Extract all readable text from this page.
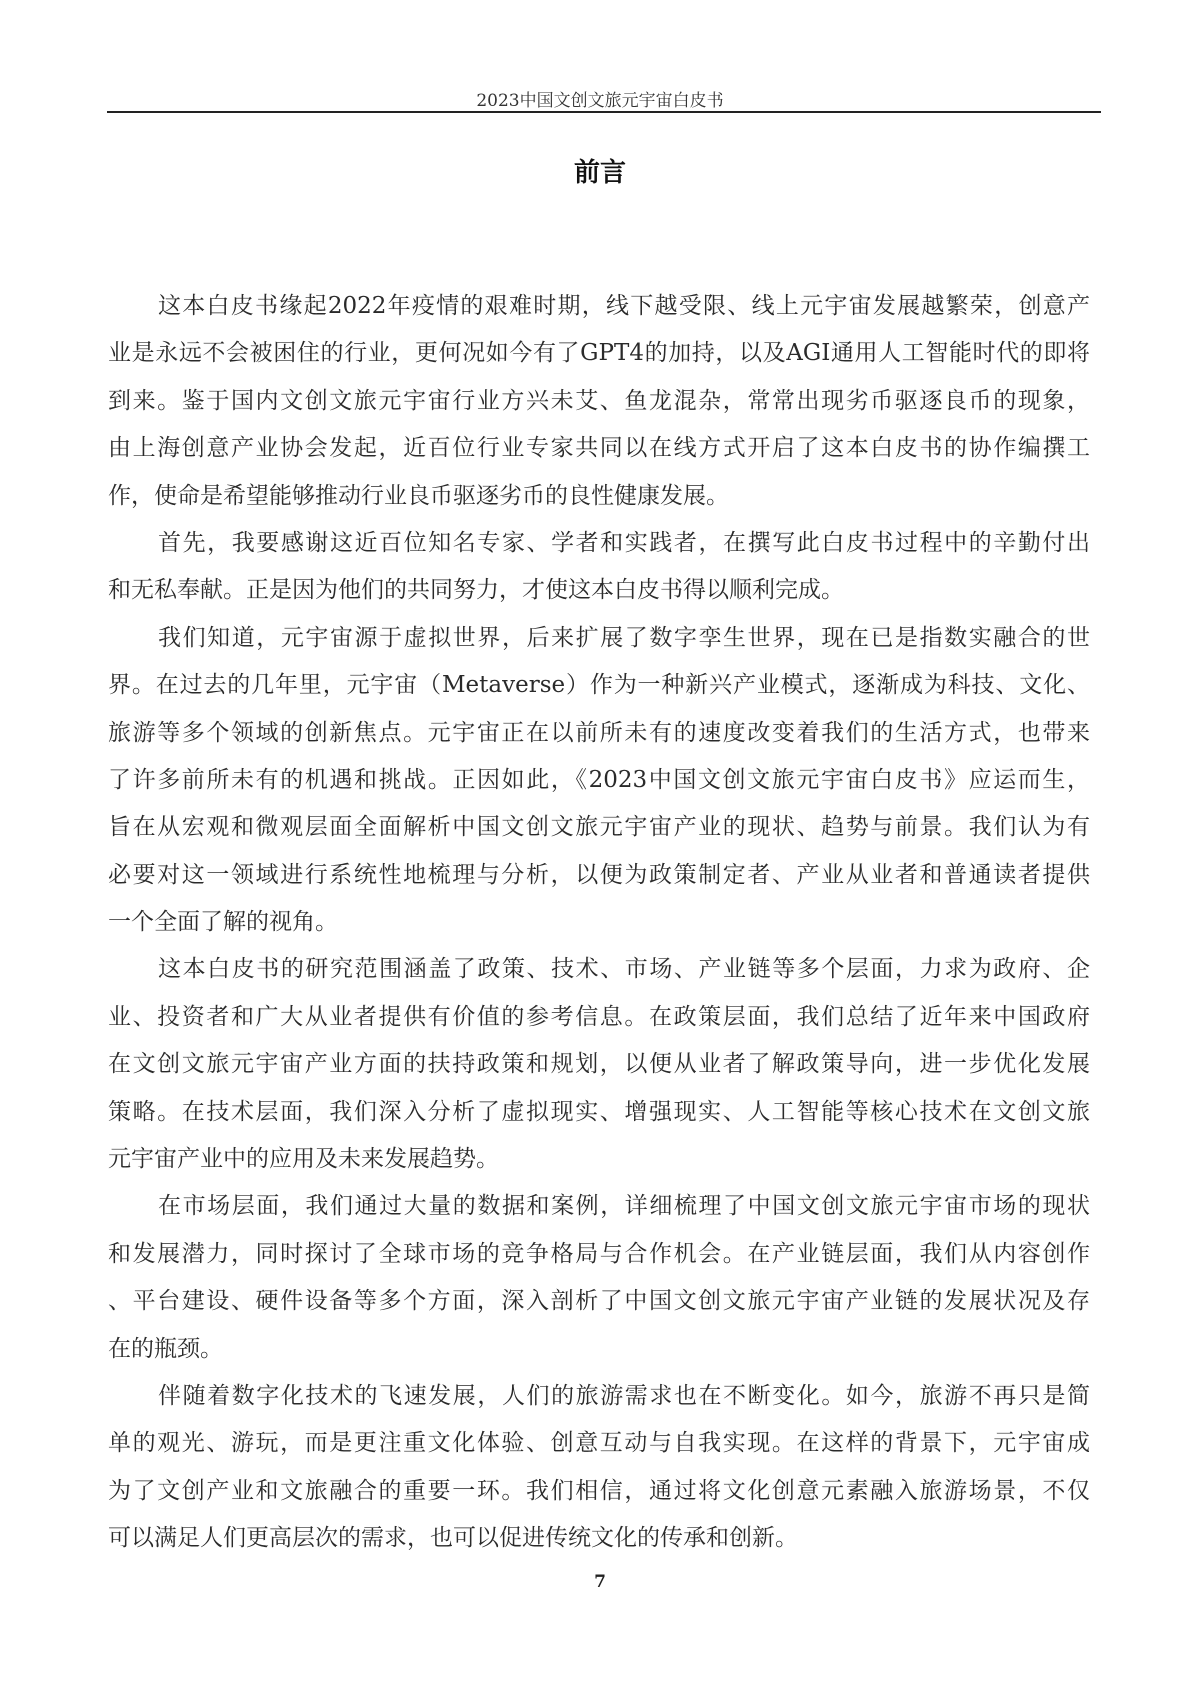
2023中国文创文旅元宇宙白皮书
前言
这本白皮书缘起2022年疫情的艰难时期，线下越受限、线上元宇宙发展越繁荣，创意产
业是永远不会被困住的行业，更何况如今有了GPT4的加持，以及AGI通用人工智能时代的即将
到来。鉴于国内文创文旅元宇宙行业方兴未艾、鱼龙混杂，常常出现劣币驱逐良币的现象，
由上海创意产业协会发起，近百位行业专家共同以在线方式开启了这本白皮书的协作编撰工
作，使命是希望能够推动行业良币驱逐劣币的良性健康发展。
首先，我要感谢这近百位知名专家、学者和实践者，在撰写此白皮书过程中的辛勤付出
和无私奉献。正是因为他们的共同努力，才使这本白皮书得以顺利完成。
我们知道，元宇宙源于虚拟世界，后来扩展了数字孪生世界，现在已是指数实融合的世
界。在过去的几年里，元宇宙（Metaverse）作为一种新兴产业模式，逐渐成为科技、文化、
旅游等多个领域的创新焦点。元宇宙正在以前所未有的速度改变着我们的生活方式，也带来
了许多前所未有的机遇和挑战。正因如此，《2023中国文创文旅元宇宙白皮书》应运而生，
旨在从宏观和微观层面全面解析中国文创文旅元宇宙产业的现状、趋势与前景。我们认为有
必要对这一领域进行系统性地梳理与分析，以便为政策制定者、产业从业者和普通读者提供
一个全面了解的视角。
这本白皮书的研究范围涵盖了政策、技术、市场、产业链等多个层面，力求为政府、企
业、投资者和广大从业者提供有价值的参考信息。在政策层面，我们总结了近年来中国政府
在文创文旅元宇宙产业方面的扶持政策和规划，以便从业者了解政策导向，进一步优化发展
策略。在技术层面，我们深入分析了虚拟现实、增强现实、人工智能等核心技术在文创文旅
元宇宙产业中的应用及未来发展趋势。
在市场层面，我们通过大量的数据和案例，详细梳理了中国文创文旅元宇宙市场的现状
和发展潜力，同时探讨了全球市场的竞争格局与合作机会。在产业链层面，我们从内容创作
、平台建设、硬件设备等多个方面，深入剖析了中国文创文旅元宇宙产业链的发展状况及存
在的瓶颈。
伴随着数字化技术的飞速发展，人们的旅游需求也在不断变化。如今，旅游不再只是简
单的观光、游玩，而是更注重文化体验、创意互动与自我实现。在这样的背景下，元宇宙成
为了文创产业和文旅融合的重要一环。我们相信，通过将文化创意元素融入旅游场景，不仅
可以满足人们更高层次的需求，也可以促进传统文化的传承和创新。
7
